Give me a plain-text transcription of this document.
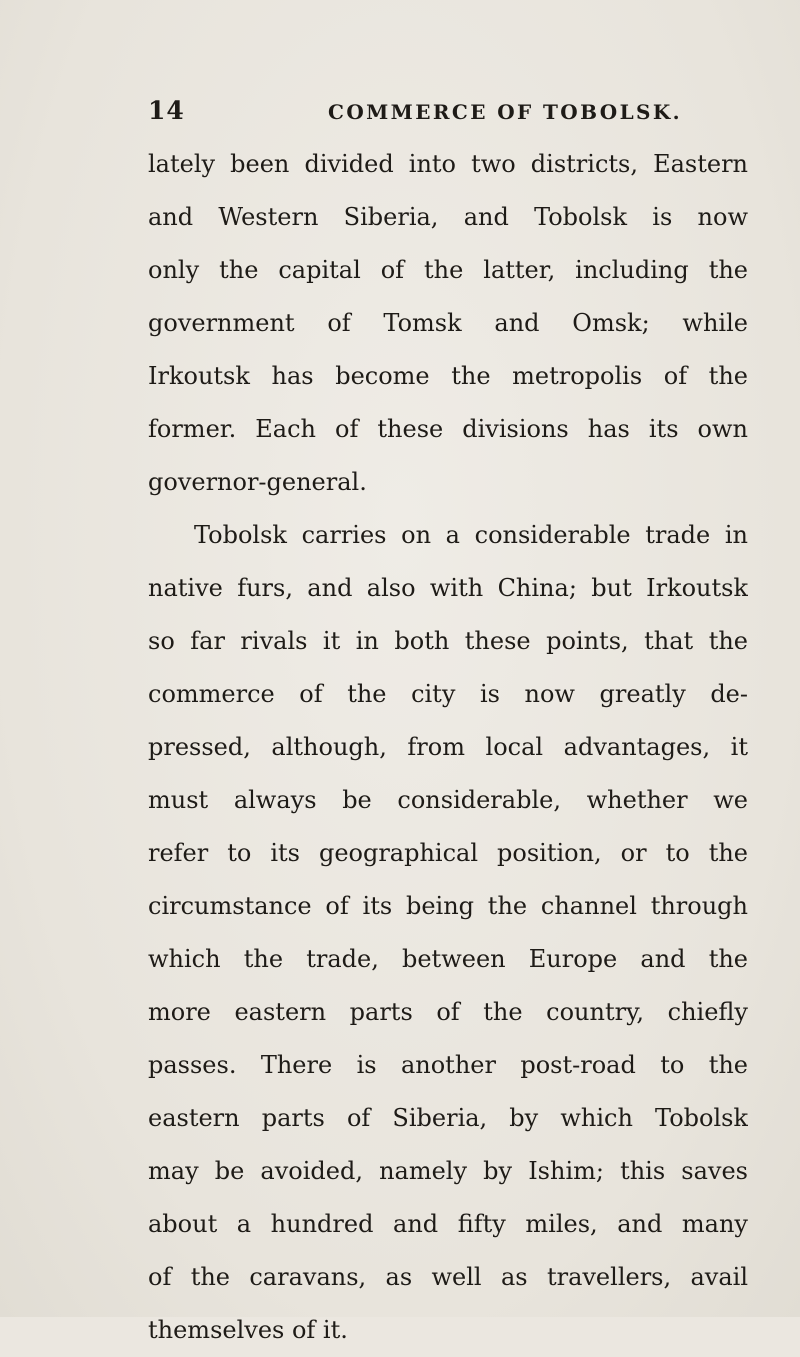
14	COMMERCE OF TOBOLSK.
lately been divided into two districts, Eastern
and Western Siberia, and Tobolsk is now
only the capital of the latter, including the
government of Tomsk and Omsk; while
Irkoutsk has become the metropolis of the
former. Each of these divisions has its own
governor-general.
Tobolsk carries on a considerable trade in
native furs, and also with China; but Irkoutsk
so far rivals it in both these points, that the
commerce of the city is now greatly de-
pressed, although, from local advantages, it
must always be considerable, whether we
refer to its geographical position, or to the
circumstance of its being the channel through
which the trade, between Europe and the
more eastern parts of the country, chiefly
passes. There is another post-road to the
eastern parts of Siberia, by which Tobolsk
may be avoided, namely by Ishim; this saves
about a hundred and fifty miles, and many
of the caravans, as well as travellers, avail
themselves of it.
